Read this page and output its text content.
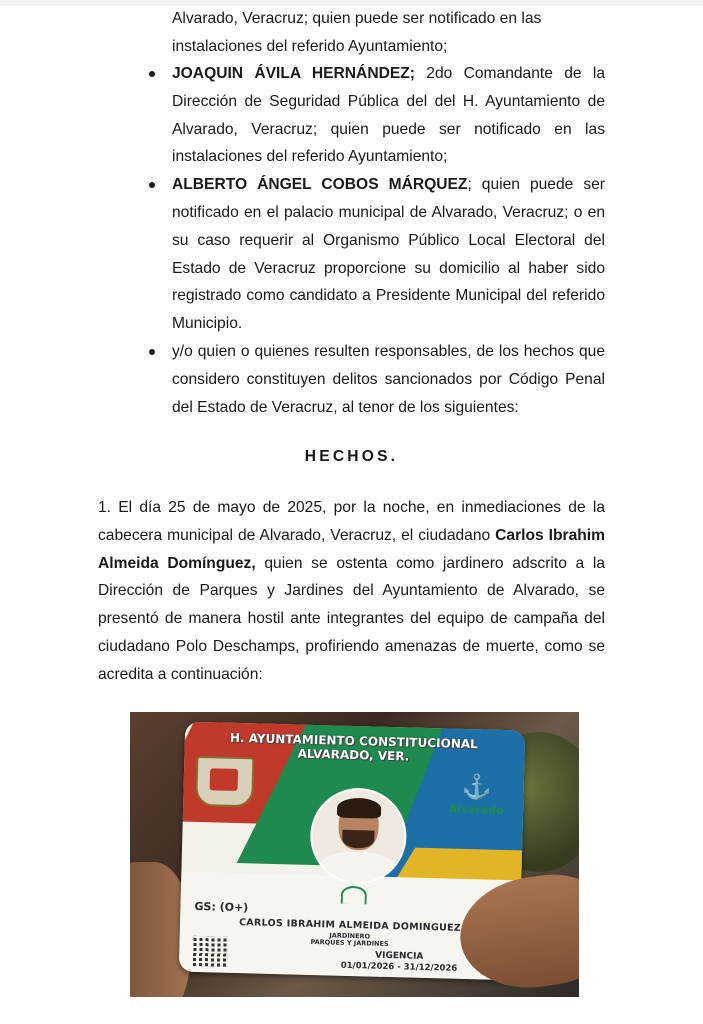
Alvarado, Veracruz; quien puede ser notificado en las
instalaciones del referido Ayuntamiento;
JOAQUIN ÁVILA HERNÁNDEZ; 2do Comandante de la Dirección de Seguridad Pública del del H. Ayuntamiento de Alvarado, Veracruz; quien puede ser notificado en las instalaciones del referido Ayuntamiento;
ALBERTO ÁNGEL COBOS MÁRQUEZ; quien puede ser notificado en el palacio municipal de Alvarado, Veracruz; o en su caso requerir al Organismo Público Local Electoral del Estado de Veracruz proporcione su domicilio al haber sido registrado como candidato a Presidente Municipal del referido Municipio.
y/o quien o quienes resulten responsables, de los hechos que considero constituyen delitos sancionados por Código Penal del Estado de Veracruz, al tenor de los siguientes:
HECHOS.
1. El día 25 de mayo de 2025, por la noche, en inmediaciones de la cabecera municipal de Alvarado, Veracruz, el ciudadano Carlos Ibrahim Almeida Domínguez, quien se ostenta como jardinero adscrito a la Dirección de Parques y Jardines del Ayuntamiento de Alvarado, se presentó de manera hostil ante integrantes del equipo de campaña del ciudadano Polo Deschamps, profiriendo amenazas de muerte, como se acredita a continuación:
H. AYUNTAMIENTO CONSTITUCIONAL
ALVARADO, VER.
⚓
Alvarado
GS: (O+)
CARLOS IBRAHIM ALMEIDA DOMINGUEZ
JARDINERO
PARQUES Y JARDINES
VIGENCIA
01/01/2026 - 31/12/2026
